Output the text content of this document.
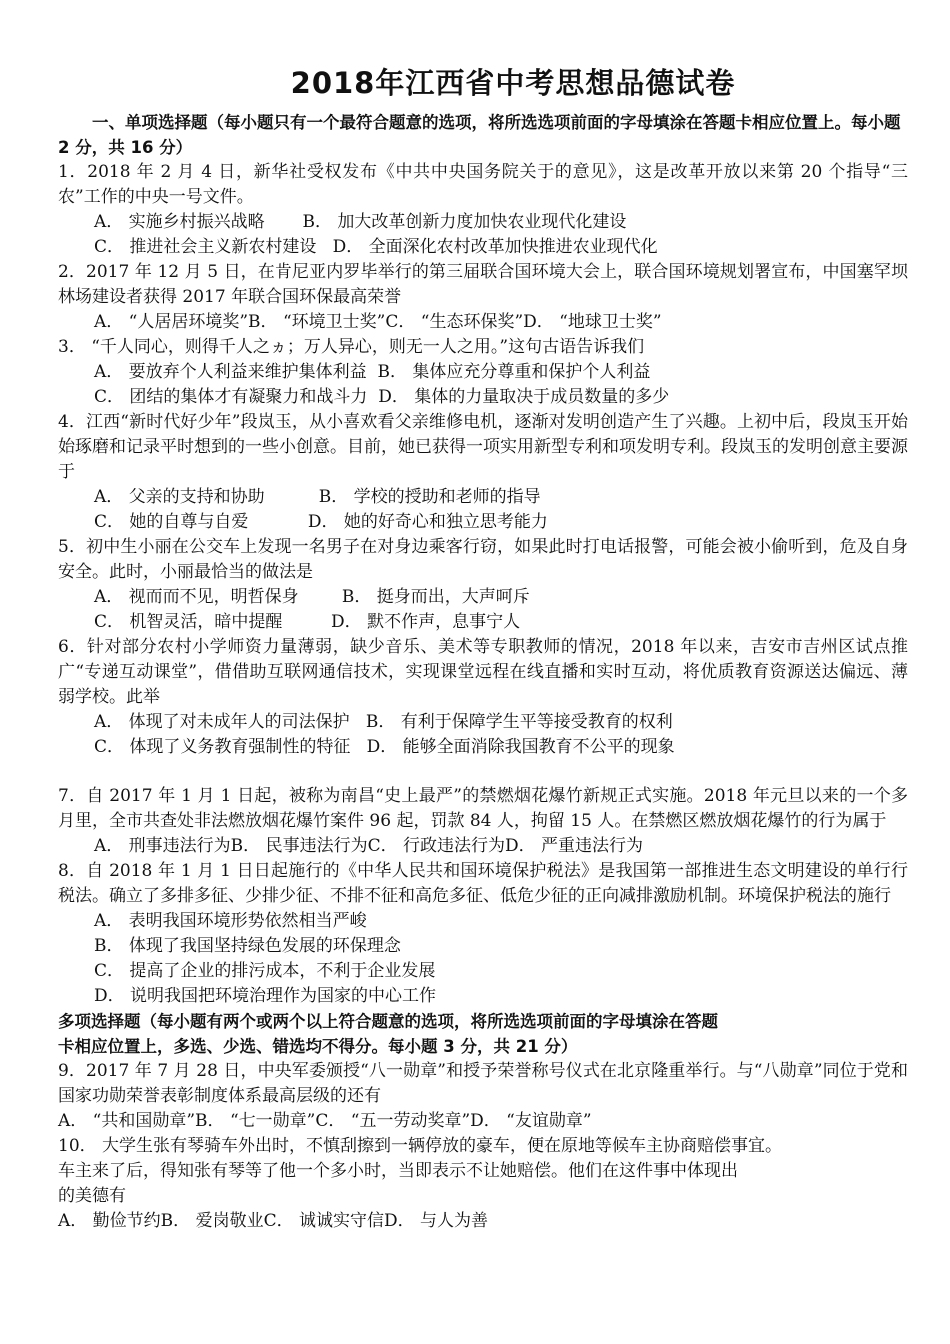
2018年江西省中考思想品德试卷
一、单项选择题（每小题只有一个最符合题意的选项，将所选选项前面的字母填涂在答题卡相应位置上。每小题 2 分，共 16 分）
1．2018 年 2 月 4 日，新华社受权发布《中共中央国务院关于的意见》，这是改革开放以来第 20 个指导“三农”工作的中央一号文件。
A． 实施乡村振兴战略       B． 加大改革创新力度加快农业现代化建设
C． 推进社会主义新农村建设   D． 全面深化农村改革加快推进农业现代化
2．2017 年 12 月 5 日，在肯尼亚内罗毕举行的第三届联合国环境大会上，联合国环境规划署宣布，中国塞罕坝林场建设者获得 2017 年联合国环保最高荣誉
A． “人居居环境奖”B． “环境卫士奖”C． “生态环保奖”D． “地球卫士奖”
3． “千人同心，则得千人之ヵ；万人异心，则无一人之用。”这句古语告诉我们
A． 要放弃个人利益来维护集体利益  B． 集体应充分尊重和保护个人利益
C． 团结的集体才有凝聚力和战斗力  D． 集体的力量取决于成员数量的多少
4．江西“新时代好少年”段岚玉，从小喜欢看父亲维修电机，逐渐对发明创造产生了兴趣。上初中后，段岚玉开始始琢磨和记录平时想到的一些小创意。目前，她已获得一项实用新型专利和项发明专利。段岚玉的发明创意主要源于
A． 父亲的支持和协助          B． 学校的授助和老师的指导
C． 她的自尊与自爱           D． 她的好奇心和独立思考能力
5．初中生小丽在公交车上发现一名男子在对身边乘客行窃，如果此时打电话报警，可能会被小偷听到，危及自身安全。此时，小丽最恰当的做法是
A． 视而而不见，明哲保身        B． 挺身而出，大声呵斥
C． 机智灵活，暗中提醒         D． 默不作声，息事宁人
6．针对部分农村小学师资力量薄弱，缺少音乐、美术等专职教师的情况，2018 年以来，吉安市吉州区试点推广“专递互动课堂”，借借助互联网通信技术，实现课堂远程在线直播和实时互动，将优质教育资源送达偏远、薄弱学校。此举
A． 体现了对未成年人的司法保护   B． 有利于保障学生平等接受教育的权利
C． 体现了义务教育强制性的特征   D． 能够全面消除我国教育不公平的现象
7．自 2017 年 1 月 1 日起，被称为南昌“史上最严”的禁燃烟花爆竹新规正式实施。2018 年元旦以来的一个多月里，全市共查处非法燃放烟花爆竹案件 96 起，罚款 84 人，拘留 15 人。在禁燃区燃放烟花爆竹的行为属于
A． 刑事违法行为B． 民事违法行为C． 行政违法行为D． 严重违法行为
8．自 2018 年 1 月 1 日日起施行的《中华人民共和国环境保护税法》是我国第一部推进生态文明建设的单行行税法。确立了多排多征、少排少征、不排不征和高危多征、低危少征的正向减排激励机制。环境保护税法的施行
A． 表明我国环境形势依然相当严峻
B． 体现了我国坚持绿色发展的环保理念
C． 提高了企业的排污成本，不利于企业发展
D． 说明我国把环境治理作为国家的中心工作
多项选择题（每小题有两个或两个以上符合题意的选项，将所选选项前面的字母填涂在答题
卡相应位置上，多选、少选、错选均不得分。每小题 3 分，共 21 分）
9．2017 年 7 月 28 日，中央军委颁授“八一勋章”和授予荣誉称号仪式在北京隆重举行。与“八勋章”同位于党和国家功勋荣誉表彰制度体系最高层级的还有
A． “共和国勋章”B． “七一勋章”C． “五一劳动奖章”D． “友谊勋章”
10． 大学生张有琴骑车外出时，不慎刮擦到一辆停放的豪车，便在原地等候车主协商赔偿事宜。
车主来了后，得知张有琴等了他一个多小时，当即表示不让她赔偿。他们在这件事中体现出
的美德有
A． 勤俭节约B． 爱岗敬业C． 诚诚实守信D． 与人为善
